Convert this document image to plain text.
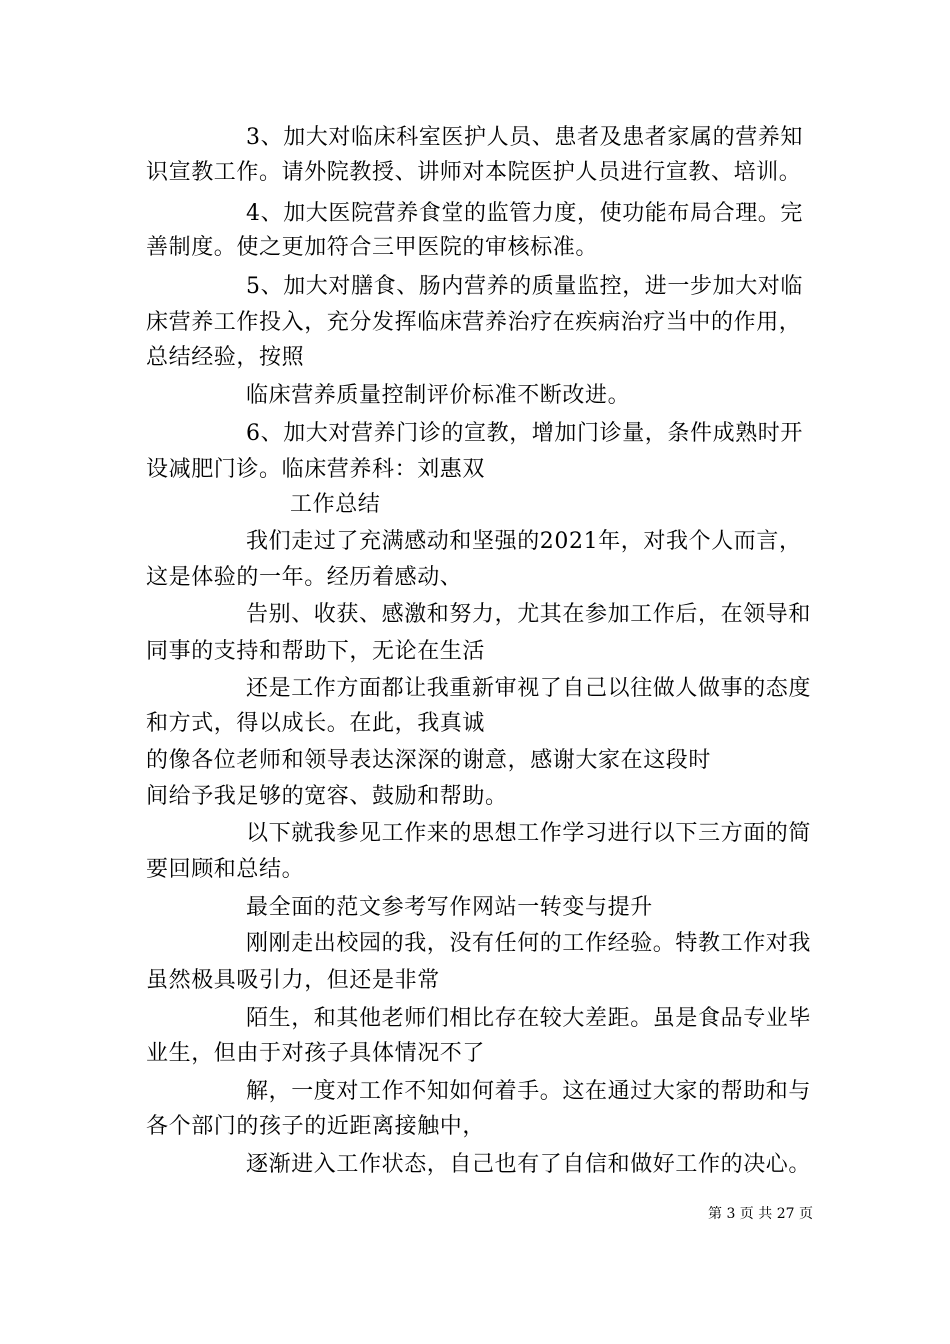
3、加大对临床科室医护人员、患者及患者家属的营养知
识宣教工作。请外院教授、讲师对本院医护人员进行宣教、培训。
4、加大医院营养食堂的监管力度，使功能布局合理。完
善制度。使之更加符合三甲医院的审核标准。
5、加大对膳食、肠内营养的质量监控，进一步加大对临
床营养工作投入，充分发挥临床营养治疗在疾病治疗当中的作用，
总结经验，按照
临床营养质量控制评价标准不断改进。
6、加大对营养门诊的宣教，增加门诊量，条件成熟时开
设减肥门诊。临床营养科：刘惠双
工作总结
我们走过了充满感动和坚强的2021年，对我个人而言，
这是体验的一年。经历着感动、
告别、收获、感激和努力，尤其在参加工作后，在领导和
同事的支持和帮助下，无论在生活
还是工作方面都让我重新审视了自己以往做人做事的态度
和方式，得以成长。在此，我真诚
的像各位老师和领导表达深深的谢意，感谢大家在这段时
间给予我足够的宽容、鼓励和帮助。
以下就我参见工作来的思想工作学习进行以下三方面的简
要回顾和总结。
最全面的范文参考写作网站一转变与提升
刚刚走出校园的我，没有任何的工作经验。特教工作对我
虽然极具吸引力，但还是非常
陌生，和其他老师们相比存在较大差距。虽是食品专业毕
业生，但由于对孩子具体情况不了
解，一度对工作不知如何着手。这在通过大家的帮助和与
各个部门的孩子的近距离接触中，
逐渐进入工作状态，自己也有了自信和做好工作的决心。
第 3 页 共 27 页
